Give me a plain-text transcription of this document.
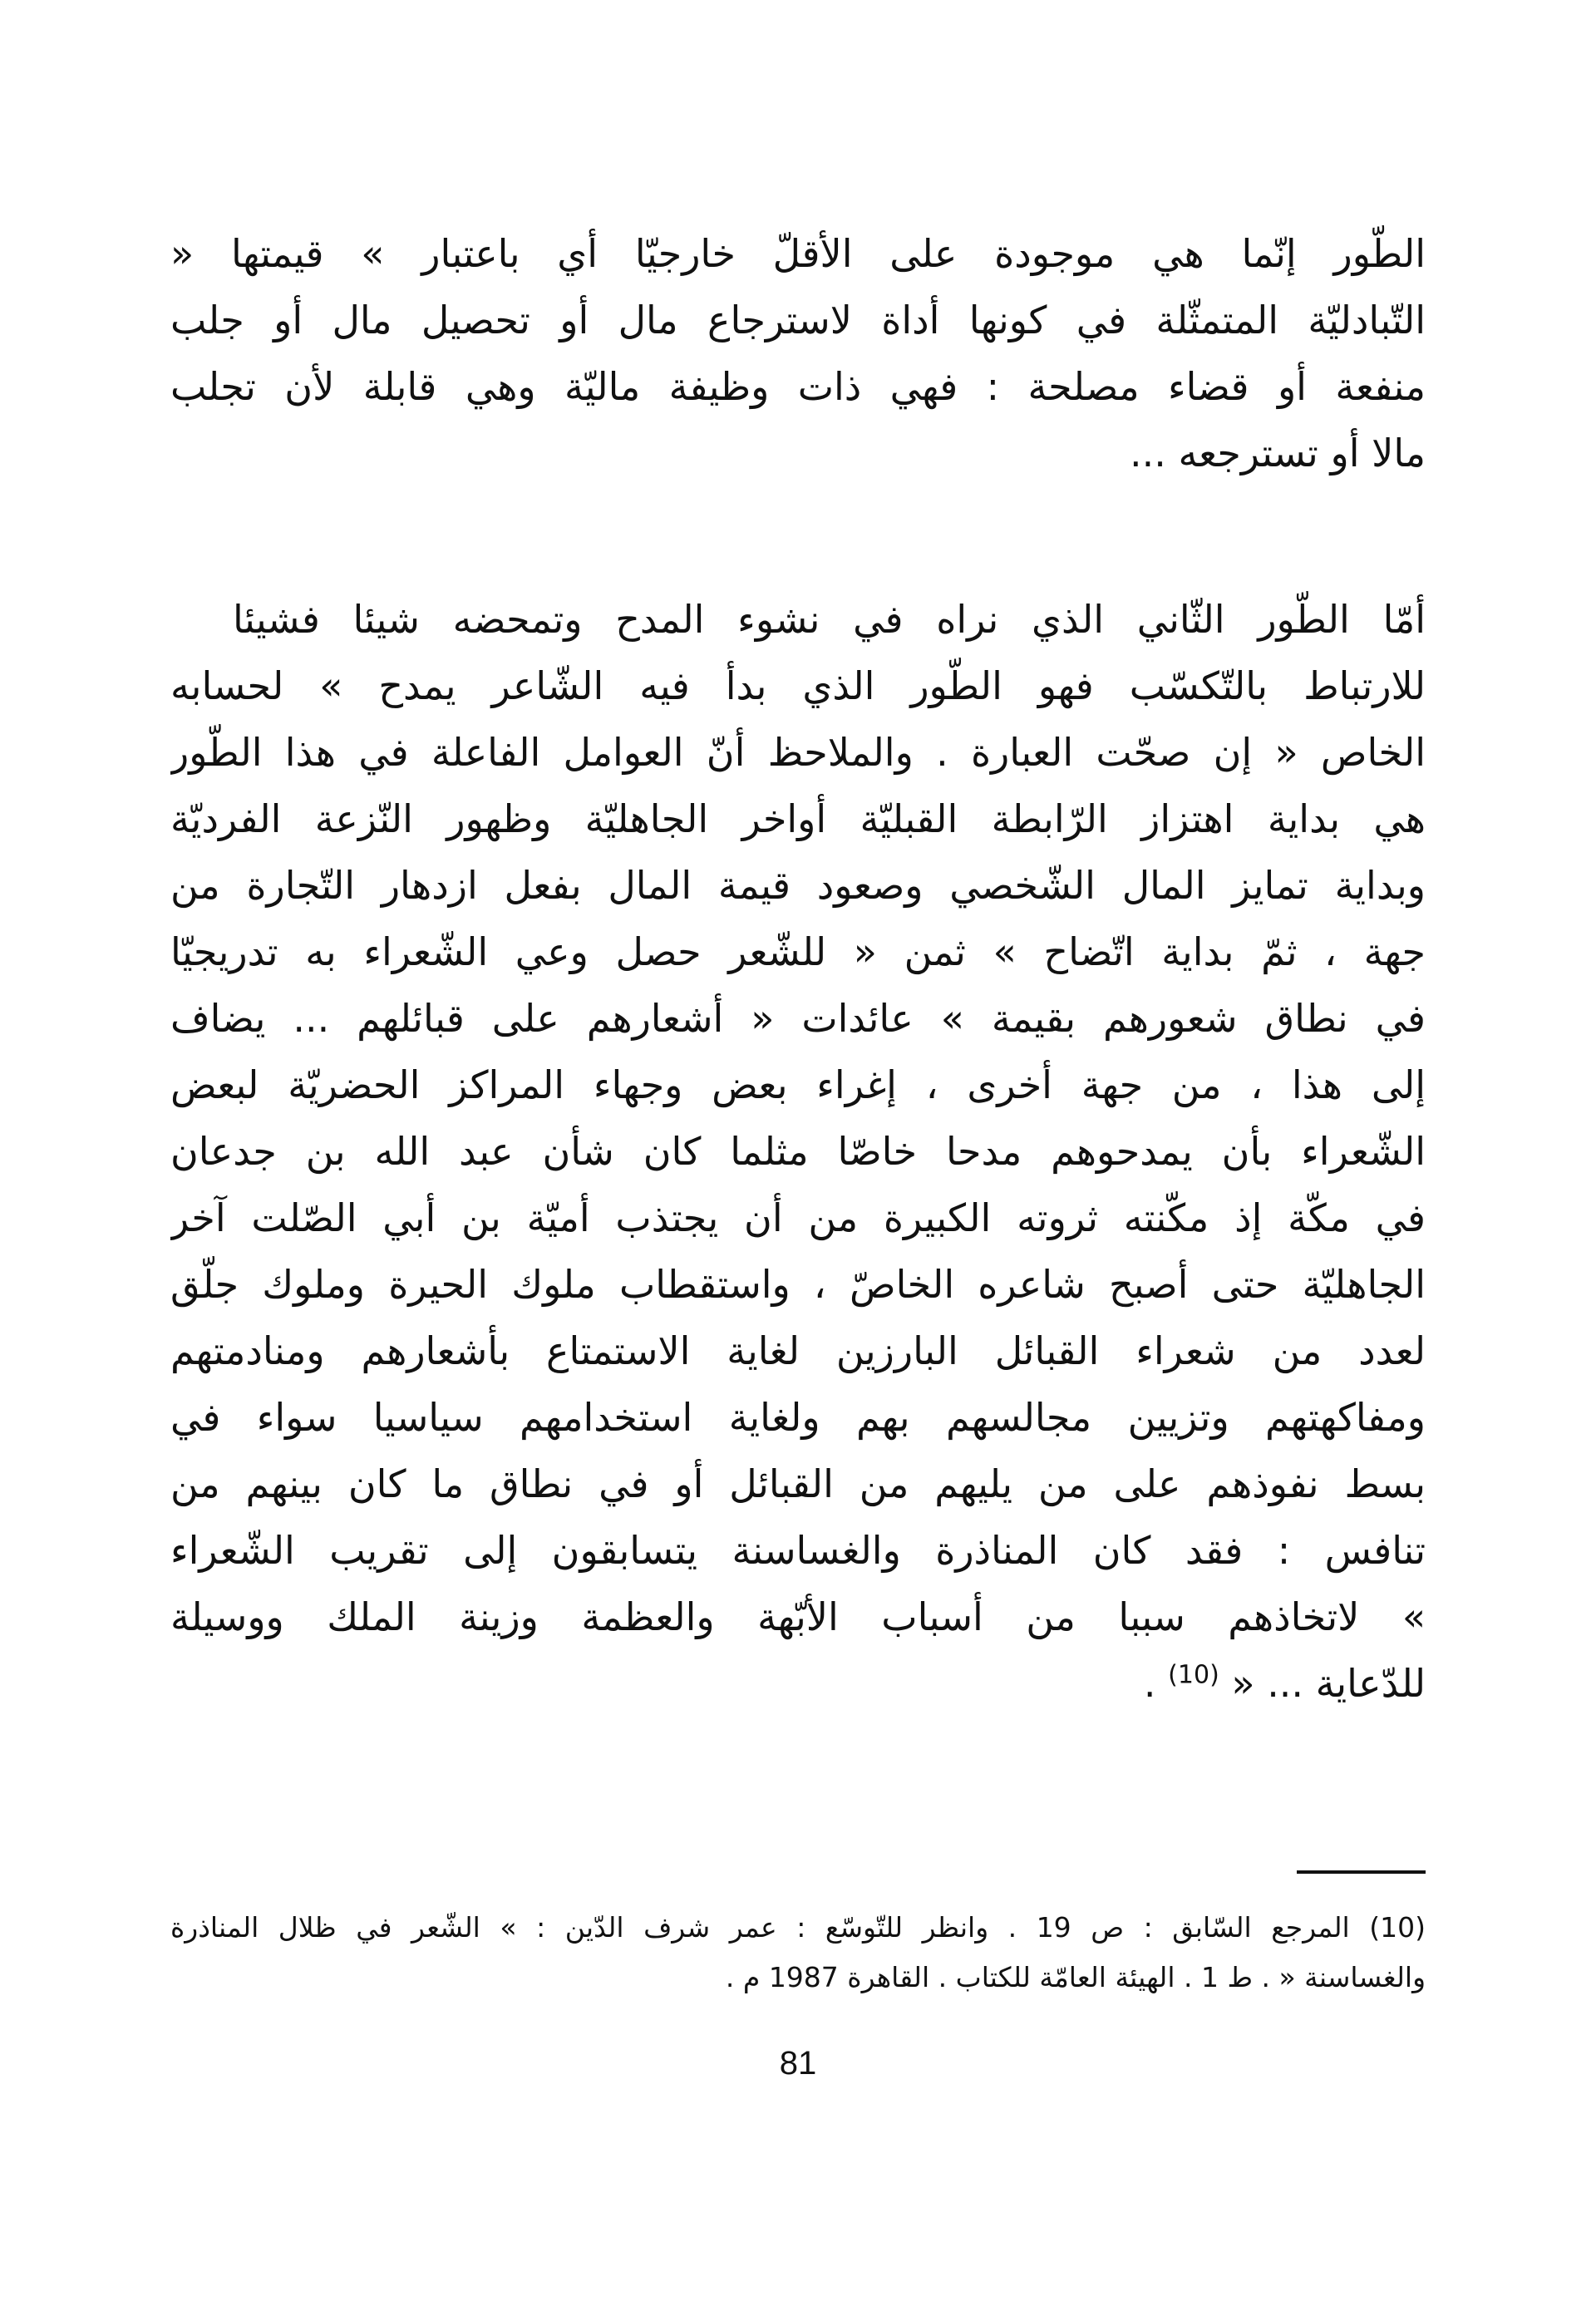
الطّور إنّما هي موجودة على الأقلّ خارجيّا أي باعتبار » قيمتها «
التّبادليّة المتمثّلة في كونها أداة لاسترجاع مال أو تحصيل مال أو جلب
منفعة أو قضاء مصلحة : فهي ذات وظيفة ماليّة وهي قابلة لأن تجلب
مالا أو تسترجعه ...
أمّا الطّور الثّاني الذي نراه في نشوء المدح وتمحضه شيئا فشيئا
للارتباط بالتّكسّب فهو الطّور الذي بدأ فيه الشّاعر يمدح » لحسابه
الخاص « إن صحّت العبارة . والملاحظ أنّ العوامل الفاعلة في هذا الطّور
هي بداية اهتزاز الرّابطة القبليّة أواخر الجاهليّة وظهور النّزعة الفرديّة
وبداية تمايز المال الشّخصي وصعود قيمة المال بفعل ازدهار التّجارة من
جهة ، ثمّ بداية اتّضاح » ثمن « للشّعر حصل وعي الشّعراء به تدريجيّا
في نطاق شعورهم بقيمة » عائدات « أشعارهم على قبائلهم ... يضاف
إلى هذا ، من جهة أخرى ، إغراء بعض وجهاء المراكز الحضريّة لبعض
الشّعراء بأن يمدحوهم مدحا خاصّا مثلما كان شأن عبد الله بن جدعان
في مكّة إذ مكّنته ثروته الكبيرة من أن يجتذب أميّة بن أبي الصّلت آخر
الجاهليّة حتى أصبح شاعره الخاصّ ، واستقطاب ملوك الحيرة وملوك جلّق
لعدد من شعراء القبائل البارزين لغاية الاستمتاع بأشعارهم ومنادمتهم
ومفاكهتهم وتزيين مجالسهم بهم ولغاية استخدامهم سياسيا سواء في
بسط نفوذهم على من يليهم من القبائل أو في نطاق ما كان بينهم من
تنافس : فقد كان المناذرة والغساسنة يتسابقون إلى تقريب الشّعراء
» لاتخاذهم سببا من أسباب الأبّهة والعظمة وزينة الملك ووسيلة
للدّعاية ... « $^{(10)}$ .
(10) المرجع السّابق : ص 19 . وانظر للتّوسّع : عمر شرف الدّين : » الشّعر في ظلال المناذرة
والغساسنة « . ط 1 . الهيئة العامّة للكتاب . القاهرة 1987 م .
81
